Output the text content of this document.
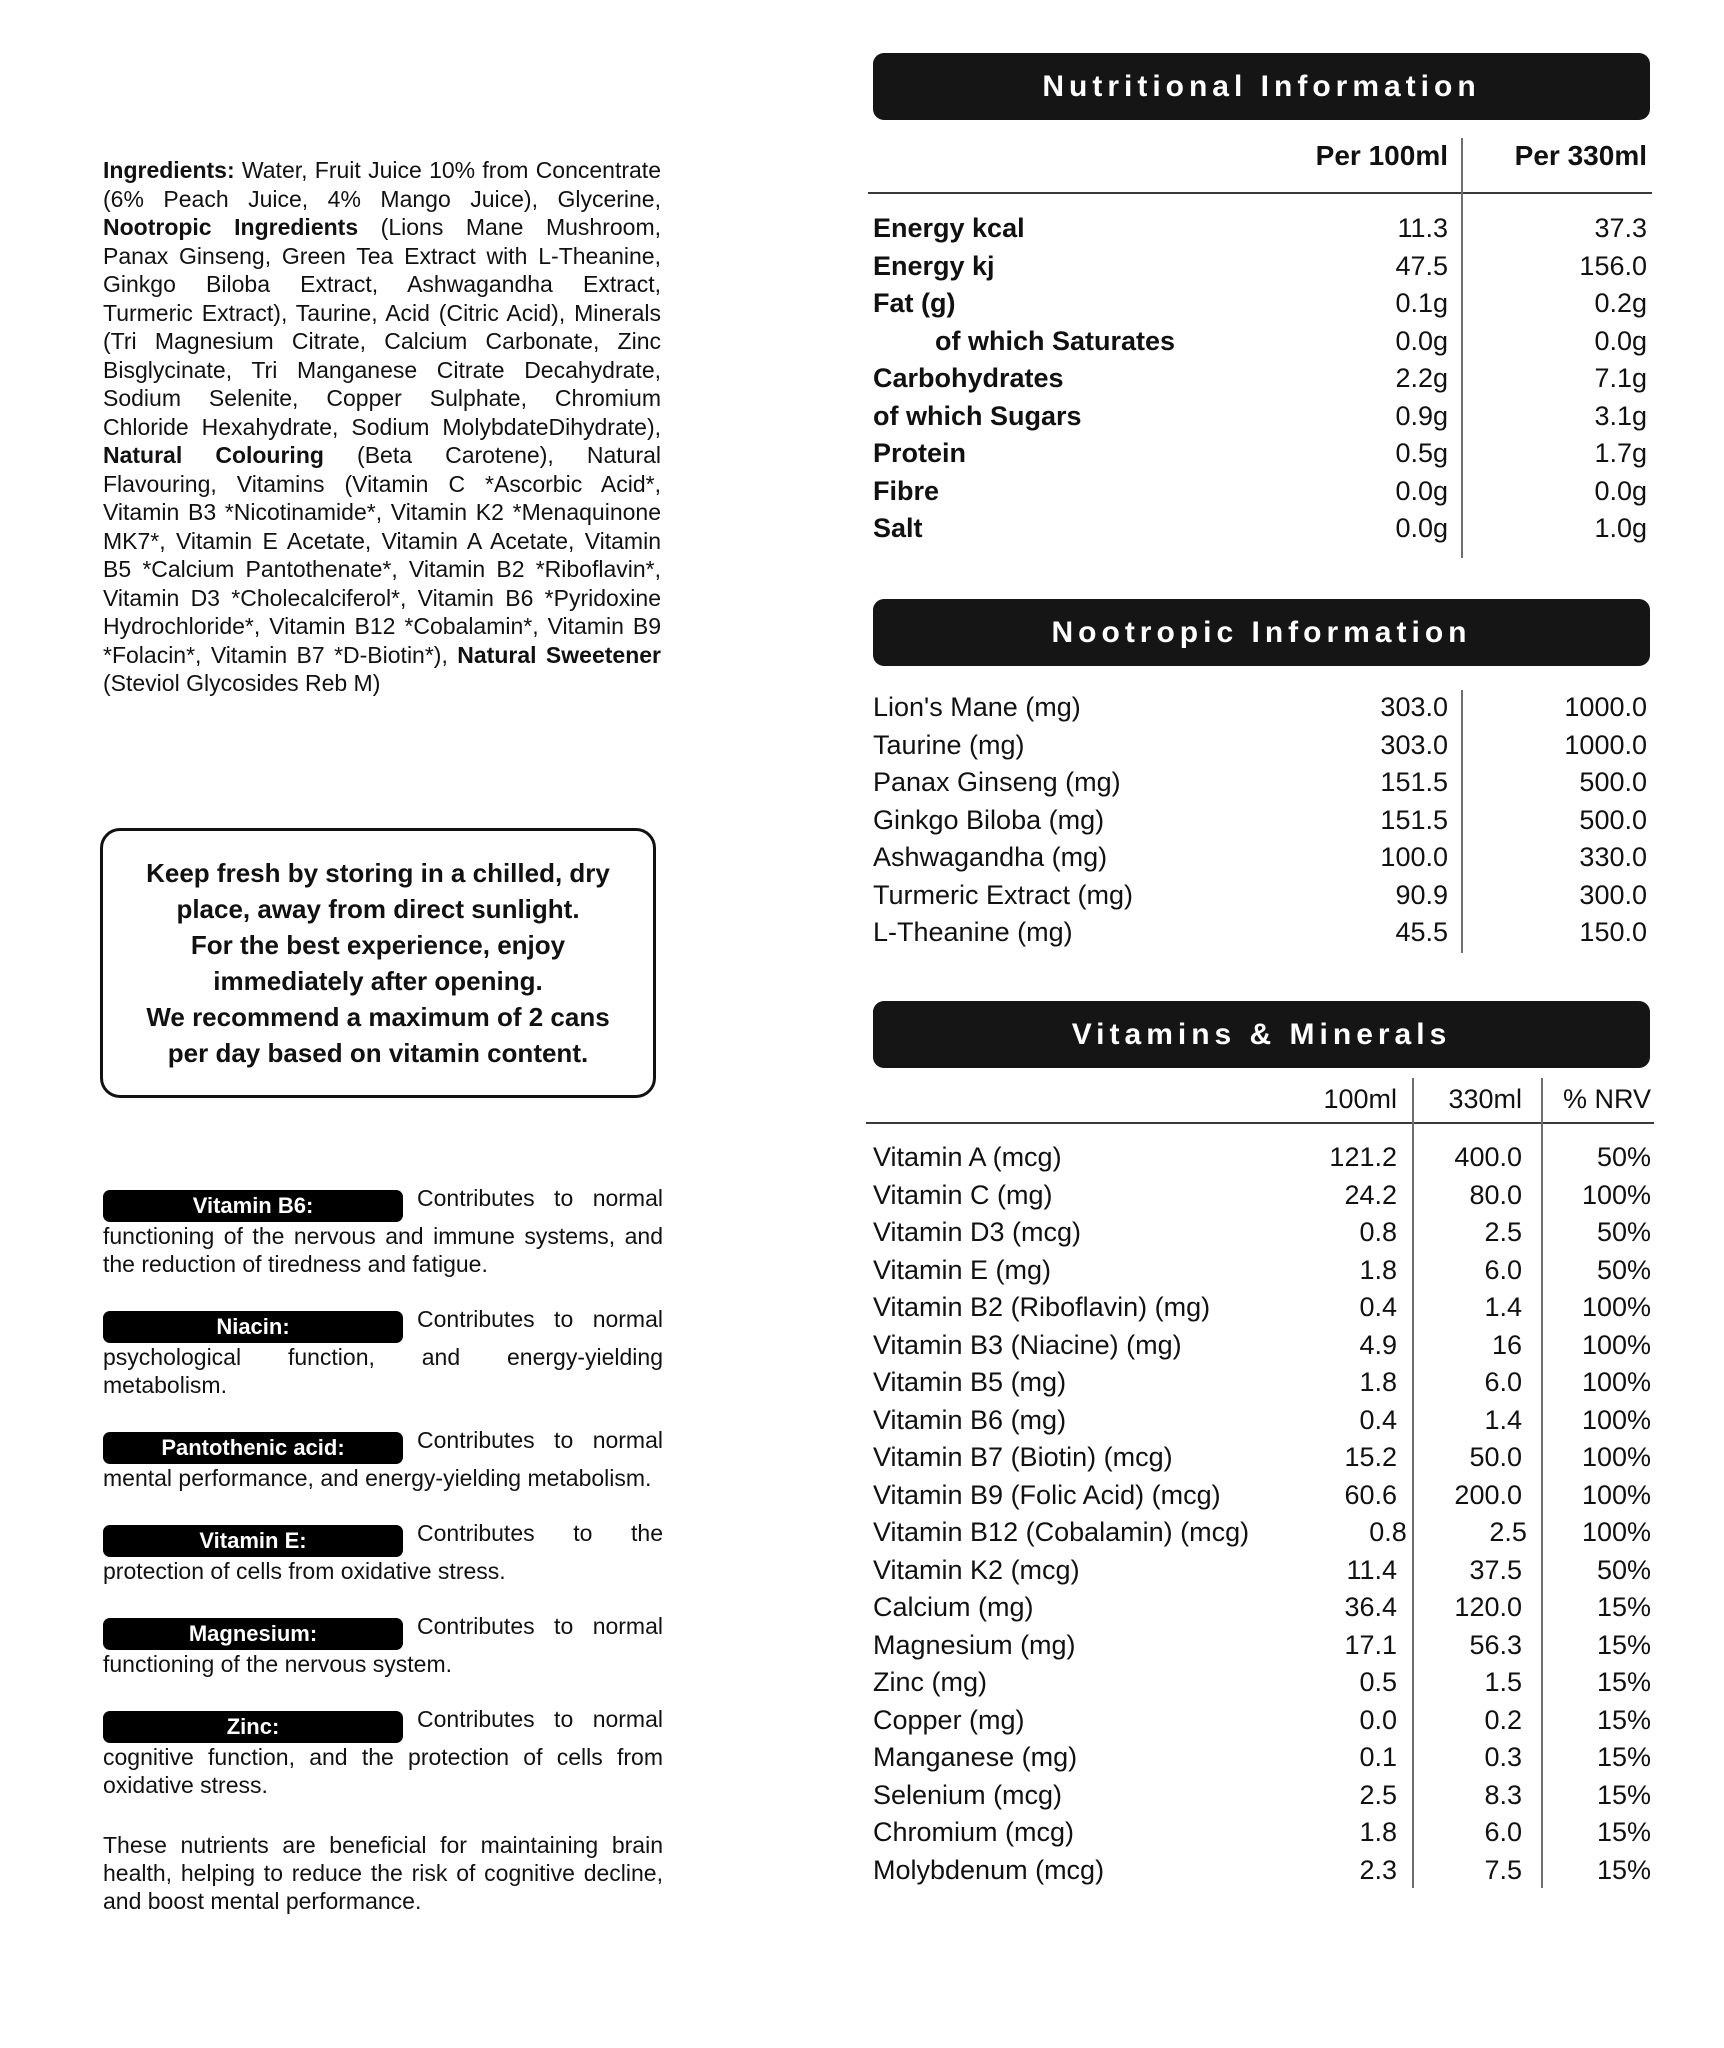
Ingredients: Water, Fruit Juice 10% from Concentrate (6% Peach Juice, 4% Mango Juice), Glycerine, Nootropic Ingredients (Lions Mane Mushroom, Panax Ginseng, Green Tea Extract with L-Theanine, Ginkgo Biloba Extract, Ashwagandha Extract, Turmeric Extract), Taurine, Acid (Citric Acid), Minerals (Tri Magnesium Citrate, Calcium Carbonate, Zinc Bisglycinate, Tri Manganese Citrate Decahydrate, Sodium Selenite, Copper Sulphate, Chromium Chloride Hexahydrate, Sodium MolybdateDihydrate), Natural Colouring (Beta Carotene), Natural Flavouring, Vitamins (Vitamin C *Ascorbic Acid*, Vitamin B3 *Nicotinamide*, Vitamin K2 *Menaquinone MK7*, Vitamin E Acetate, Vitamin A Acetate, Vitamin B5 *Calcium Pantothenate*, Vitamin B2 *Riboflavin*, Vitamin D3 *Cholecalciferol*, Vitamin B6 *Pyridoxine Hydrochloride*, Vitamin B12 *Cobalamin*, Vitamin B9 *Folacin*, Vitamin B7 *D-Biotin*), Natural Sweetener (Steviol Glycosides Reb M)

Keep fresh by storing in a chilled, dry place, away from direct sunlight.
For the best experience, enjoy immediately after opening.
We recommend a maximum of 2 cans per day based on vitamin content.

Vitamin B6:	Contributes to normal functioning of the nervous and immune systems, and the reduction of tiredness and fatigue.

Niacin:	Contributes to normal psychological function, and energy-yielding metabolism.

Pantothenic acid:	Contributes to normal mental performance, and energy-yielding metabolism.

Vitamin E:	Contributes to the protection of cells from oxidative stress.

Magnesium:	Contributes to normal functioning of the nervous system.

Zinc:	Contributes to normal cognitive function, and the protection of cells from oxidative stress.

These nutrients are beneficial for maintaining brain health, helping to reduce the risk of cognitive decline, and boost mental performance.

Nutritional Information
Per 100ml	Per 330ml
Energy kcal	11.3	37.3
Energy kj	47.5	156.0
Fat (g)	0.1g	0.2g
of which Saturates	0.0g	0.0g
Carbohydrates	2.2g	7.1g
of which Sugars	0.9g	3.1g
Protein	0.5g	1.7g
Fibre	0.0g	0.0g
Salt	0.0g	1.0g
Nootropic Information
Lion's Mane (mg)	303.0	1000.0
Taurine (mg)	303.0	1000.0
Panax Ginseng (mg)	151.5	500.0
Ginkgo Biloba (mg)	151.5	500.0
Ashwagandha (mg)	100.0	330.0
Turmeric Extract (mg)	90.9	300.0
L-Theanine (mg)	45.5	150.0
Vitamins & Minerals
100ml	330ml	% NRV
Vitamin A (mcg)	121.2	400.0	50%
Vitamin C (mg)	24.2	80.0	100%
Vitamin D3 (mcg)	0.8	2.5	50%
Vitamin E (mg)	1.8	6.0	50%
Vitamin B2 (Riboflavin) (mg)	0.4	1.4	100%
Vitamin B3 (Niacine) (mg)	4.9	16	100%
Vitamin B5 (mg)	1.8	6.0	100%
Vitamin B6 (mg)	0.4	1.4	100%
Vitamin B7 (Biotin) (mcg)	15.2	50.0	100%
Vitamin B9 (Folic Acid) (mcg)	60.6	200.0	100%
Vitamin B12 (Cobalamin) (mcg)	0.8	2.5	100%
Vitamin K2 (mcg)	11.4	37.5	50%
Calcium (mg)	36.4	120.0	15%
Magnesium (mg)	17.1	56.3	15%
Zinc (mg)	0.5	1.5	15%
Copper (mg)	0.0	0.2	15%
Manganese (mg)	0.1	0.3	15%
Selenium (mcg)	2.5	8.3	15%
Chromium (mcg)	1.8	6.0	15%
Molybdenum (mcg)	2.3	7.5	15%
